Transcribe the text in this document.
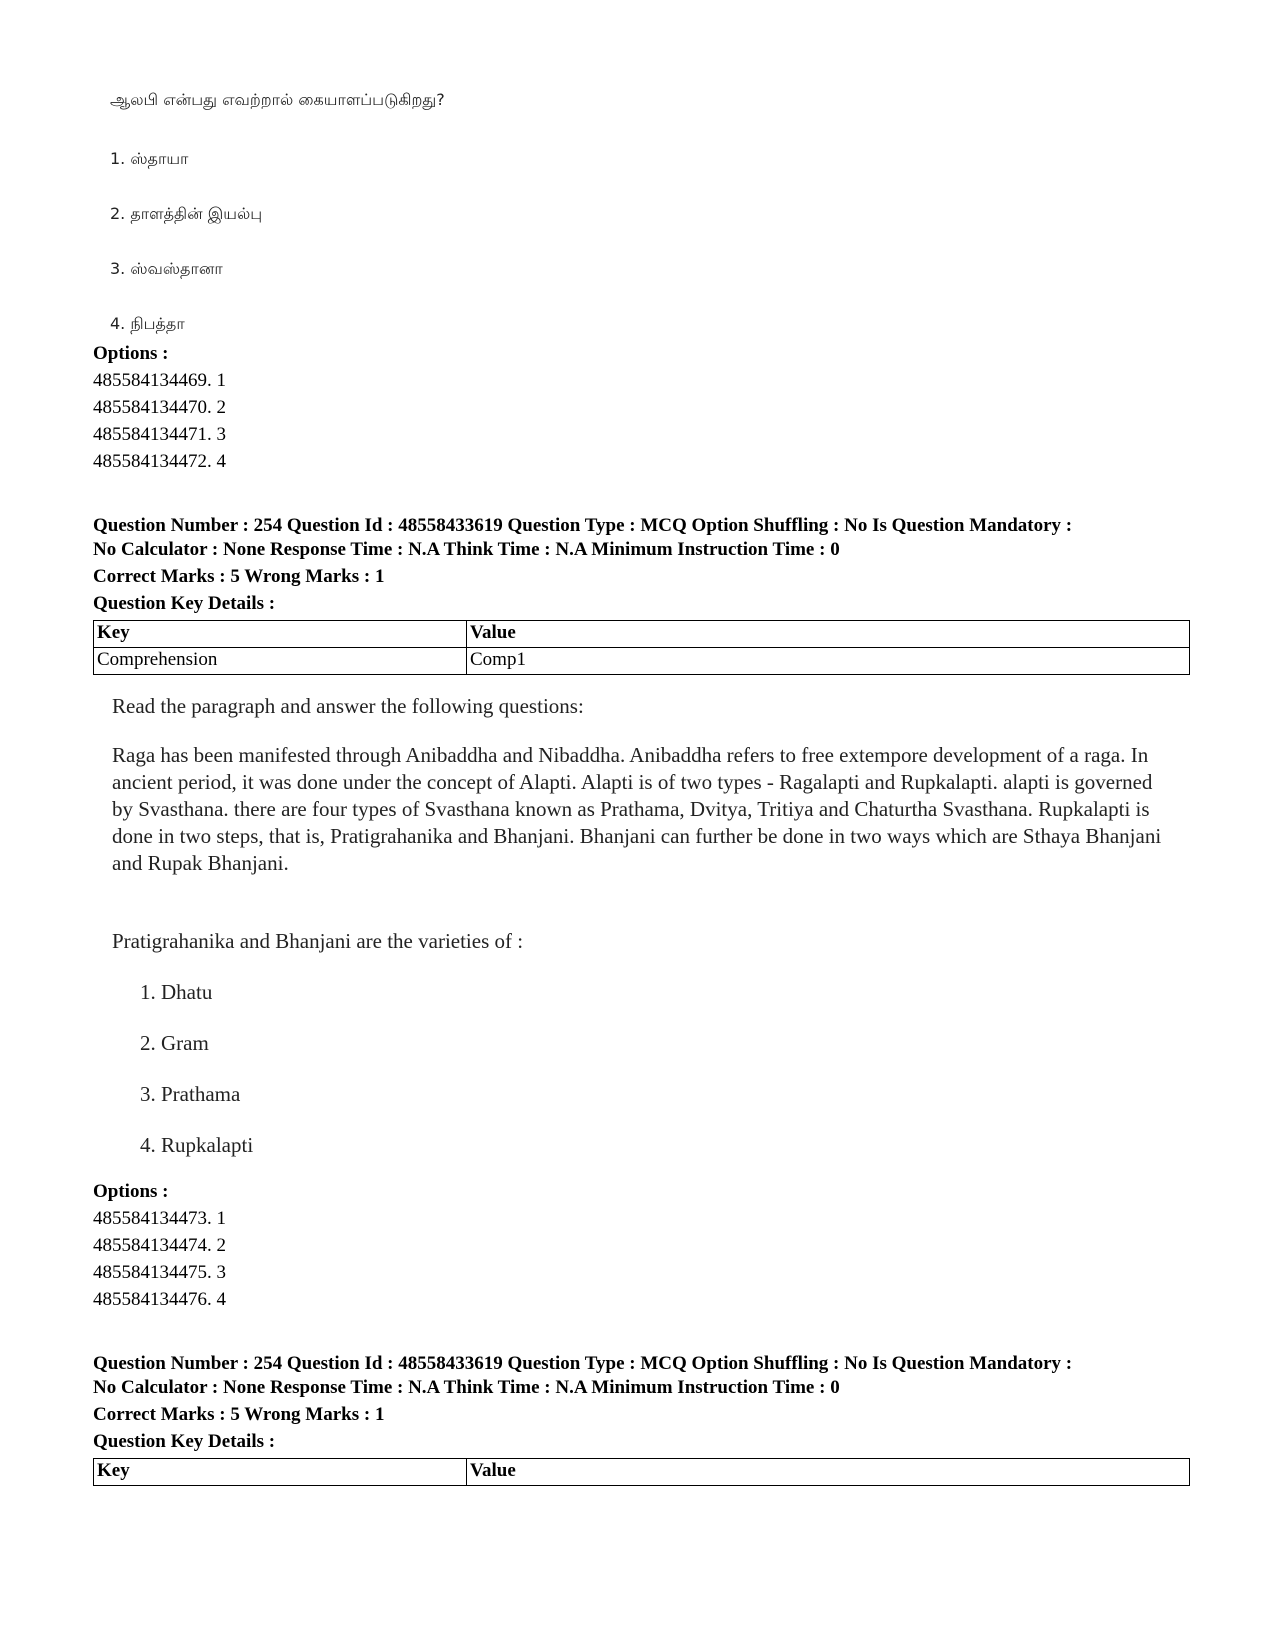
ஆலபி என்பது எவற்றால் கையாளப்படுகிறது?

1. ஸ்தாயா

2. தாளத்தின் இயல்பு

3. ஸ்வஸ்தானா

4. நிபத்தா

Options :
485584134469. 1
485584134470. 2
485584134471. 3
485584134472. 4
Question Number : 254 Question Id : 48558433619 Question Type : MCQ Option Shuffling : No Is Question Mandatory :
No Calculator : None Response Time : N.A Think Time : N.A Minimum Instruction Time : 0
Correct Marks : 5 Wrong Marks : 1
Question Key Details :
Key	Value
Comprehension	Comp1

Read the paragraph and answer the following questions:

Raga has been manifested through Anibaddha and Nibaddha. Anibaddha refers to free extempore development of a raga. In ancient period, it was done under the concept of Alapti. Alapti is of two types - Ragalapti and Rupkalapti. alapti is governed by Svasthana. there are four types of Svasthana known as Prathama, Dvitya, Tritiya and Chaturtha Svasthana. Rupkalapti is done in two steps, that is, Pratigrahanika and Bhanjani. Bhanjani can further be done in two ways which are Sthaya Bhanjani and Rupak Bhanjani.

Pratigrahanika and Bhanjani are the varieties of :

1. Dhatu

2. Gram

3. Prathama

4. Rupkalapti

Options :
485584134473. 1
485584134474. 2
485584134475. 3
485584134476. 4
Question Number : 254 Question Id : 48558433619 Question Type : MCQ Option Shuffling : No Is Question Mandatory :
No Calculator : None Response Time : N.A Think Time : N.A Minimum Instruction Time : 0
Correct Marks : 5 Wrong Marks : 1
Question Key Details :
Key	Value
